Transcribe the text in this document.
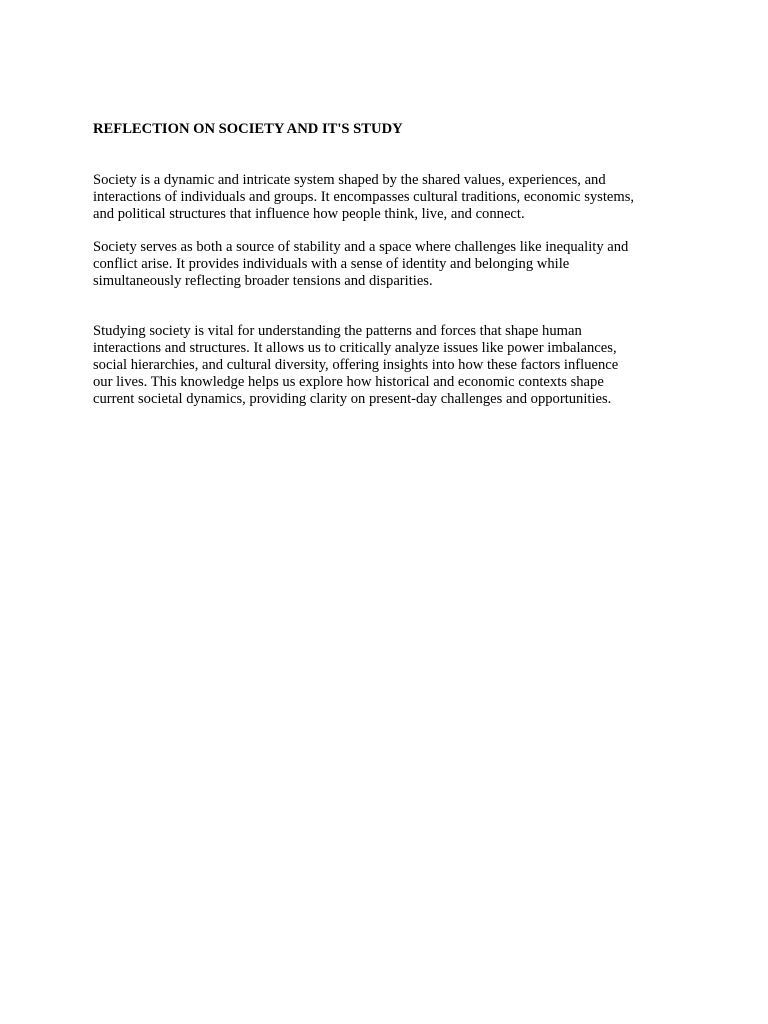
REFLECTION ON SOCIETY AND IT'S STUDY

Society is a dynamic and intricate system shaped by the shared values, experiences, and
interactions of individuals and groups. It encompasses cultural traditions, economic systems,
and political structures that influence how people think, live, and connect.

Society serves as both a source of stability and a space where challenges like inequality and
conflict arise. It provides individuals with a sense of identity and belonging while
simultaneously reflecting broader tensions and disparities.

Studying society is vital for understanding the patterns and forces that shape human
interactions and structures. It allows us to critically analyze issues like power imbalances,
social hierarchies, and cultural diversity, offering insights into how these factors influence
our lives. This knowledge helps us explore how historical and economic contexts shape
current societal dynamics, providing clarity on present-day challenges and opportunities.
